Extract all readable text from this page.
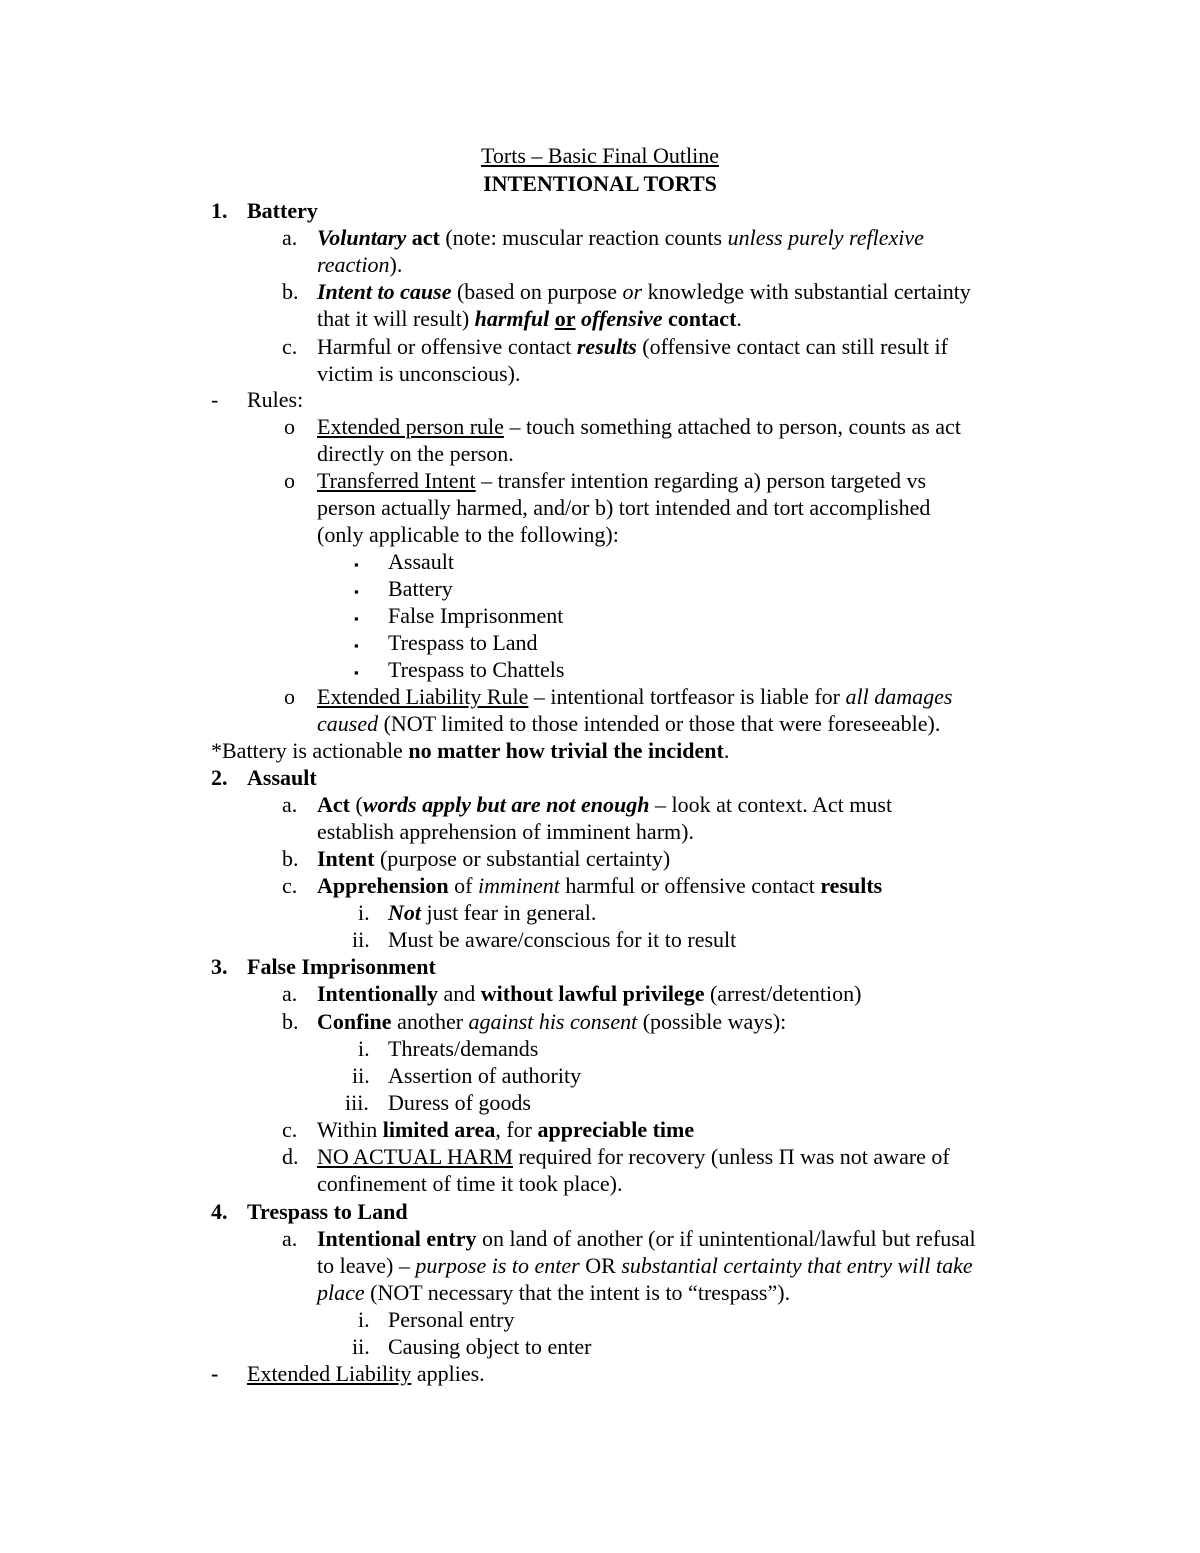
Torts – Basic Final Outline

INTENTIONAL TORTS

1. Battery

a. Voluntary act (note: muscular reaction counts unless purely reflexive

reaction).

b. Intent to cause (based on purpose or knowledge with substantial certainty

that it will result) harmful or offensive contact.

c. Harmful or offensive contact results (offensive contact can still result if

victim is unconscious).

- Rules:

o Extended person rule – touch something attached to person, counts as act

directly on the person.

o Transferred Intent – transfer intention regarding a) person targeted vs

person actually harmed, and/or b) tort intended and tort accomplished

(only applicable to the following):

▪ Assault

▪ Battery

▪ False Imprisonment

▪ Trespass to Land

▪ Trespass to Chattels

o Extended Liability Rule – intentional tortfeasor is liable for all damages

caused (NOT limited to those intended or those that were foreseeable).

*Battery is actionable no matter how trivial the incident.

2. Assault

a. Act (words apply but are not enough – look at context. Act must

establish apprehension of imminent harm).

b. Intent (purpose or substantial certainty)

c. Apprehension of imminent harmful or offensive contact results

i. Not just fear in general.

ii. Must be aware/conscious for it to result

3. False Imprisonment

a. Intentionally and without lawful privilege (arrest/detention)

b. Confine another against his consent (possible ways):

i. Threats/demands

ii. Assertion of authority

iii. Duress of goods

c. Within limited area, for appreciable time

d. NO ACTUAL HARM required for recovery (unless Π was not aware of

confinement of time it took place).

4. Trespass to Land

a. Intentional entry on land of another (or if unintentional/lawful but refusal

to leave) – purpose is to enter OR substantial certainty that entry will take

place (NOT necessary that the intent is to “trespass”).

i. Personal entry

ii. Causing object to enter

- Extended Liability applies.
